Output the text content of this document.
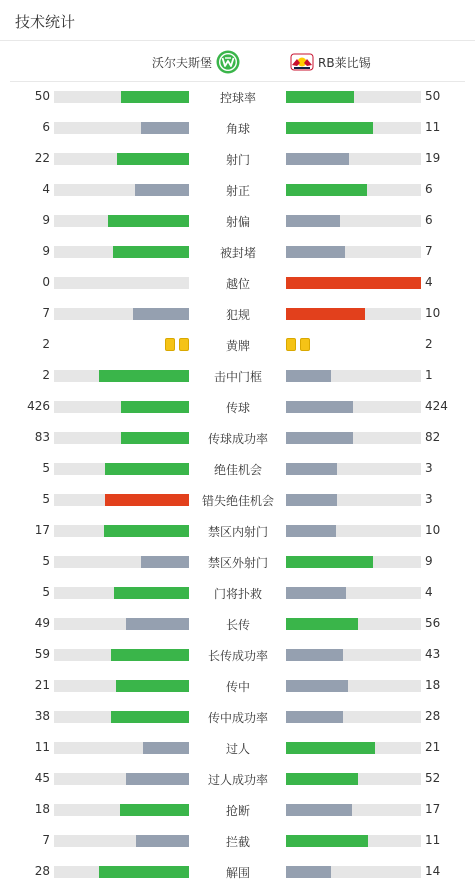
技术统计
沃尔夫斯堡	RB莱比锡
50	控球率	50
6	角球	11
22	射门	19
4	射正	6
9	射偏	6
9	被封堵	7
0	越位	4
7	犯规	10
2	黄牌	2
2	击中门框	1
426	传球	424
83	传球成功率	82
5	绝佳机会	3
5	错失绝佳机会	3
17	禁区内射门	10
5	禁区外射门	9
5	门将扑救	4
49	长传	56
59	长传成功率	43
21	传中	18
38	传中成功率	28
11	过人	21
45	过人成功率	52
18	抢断	17
7	拦截	11
28	解围	14
